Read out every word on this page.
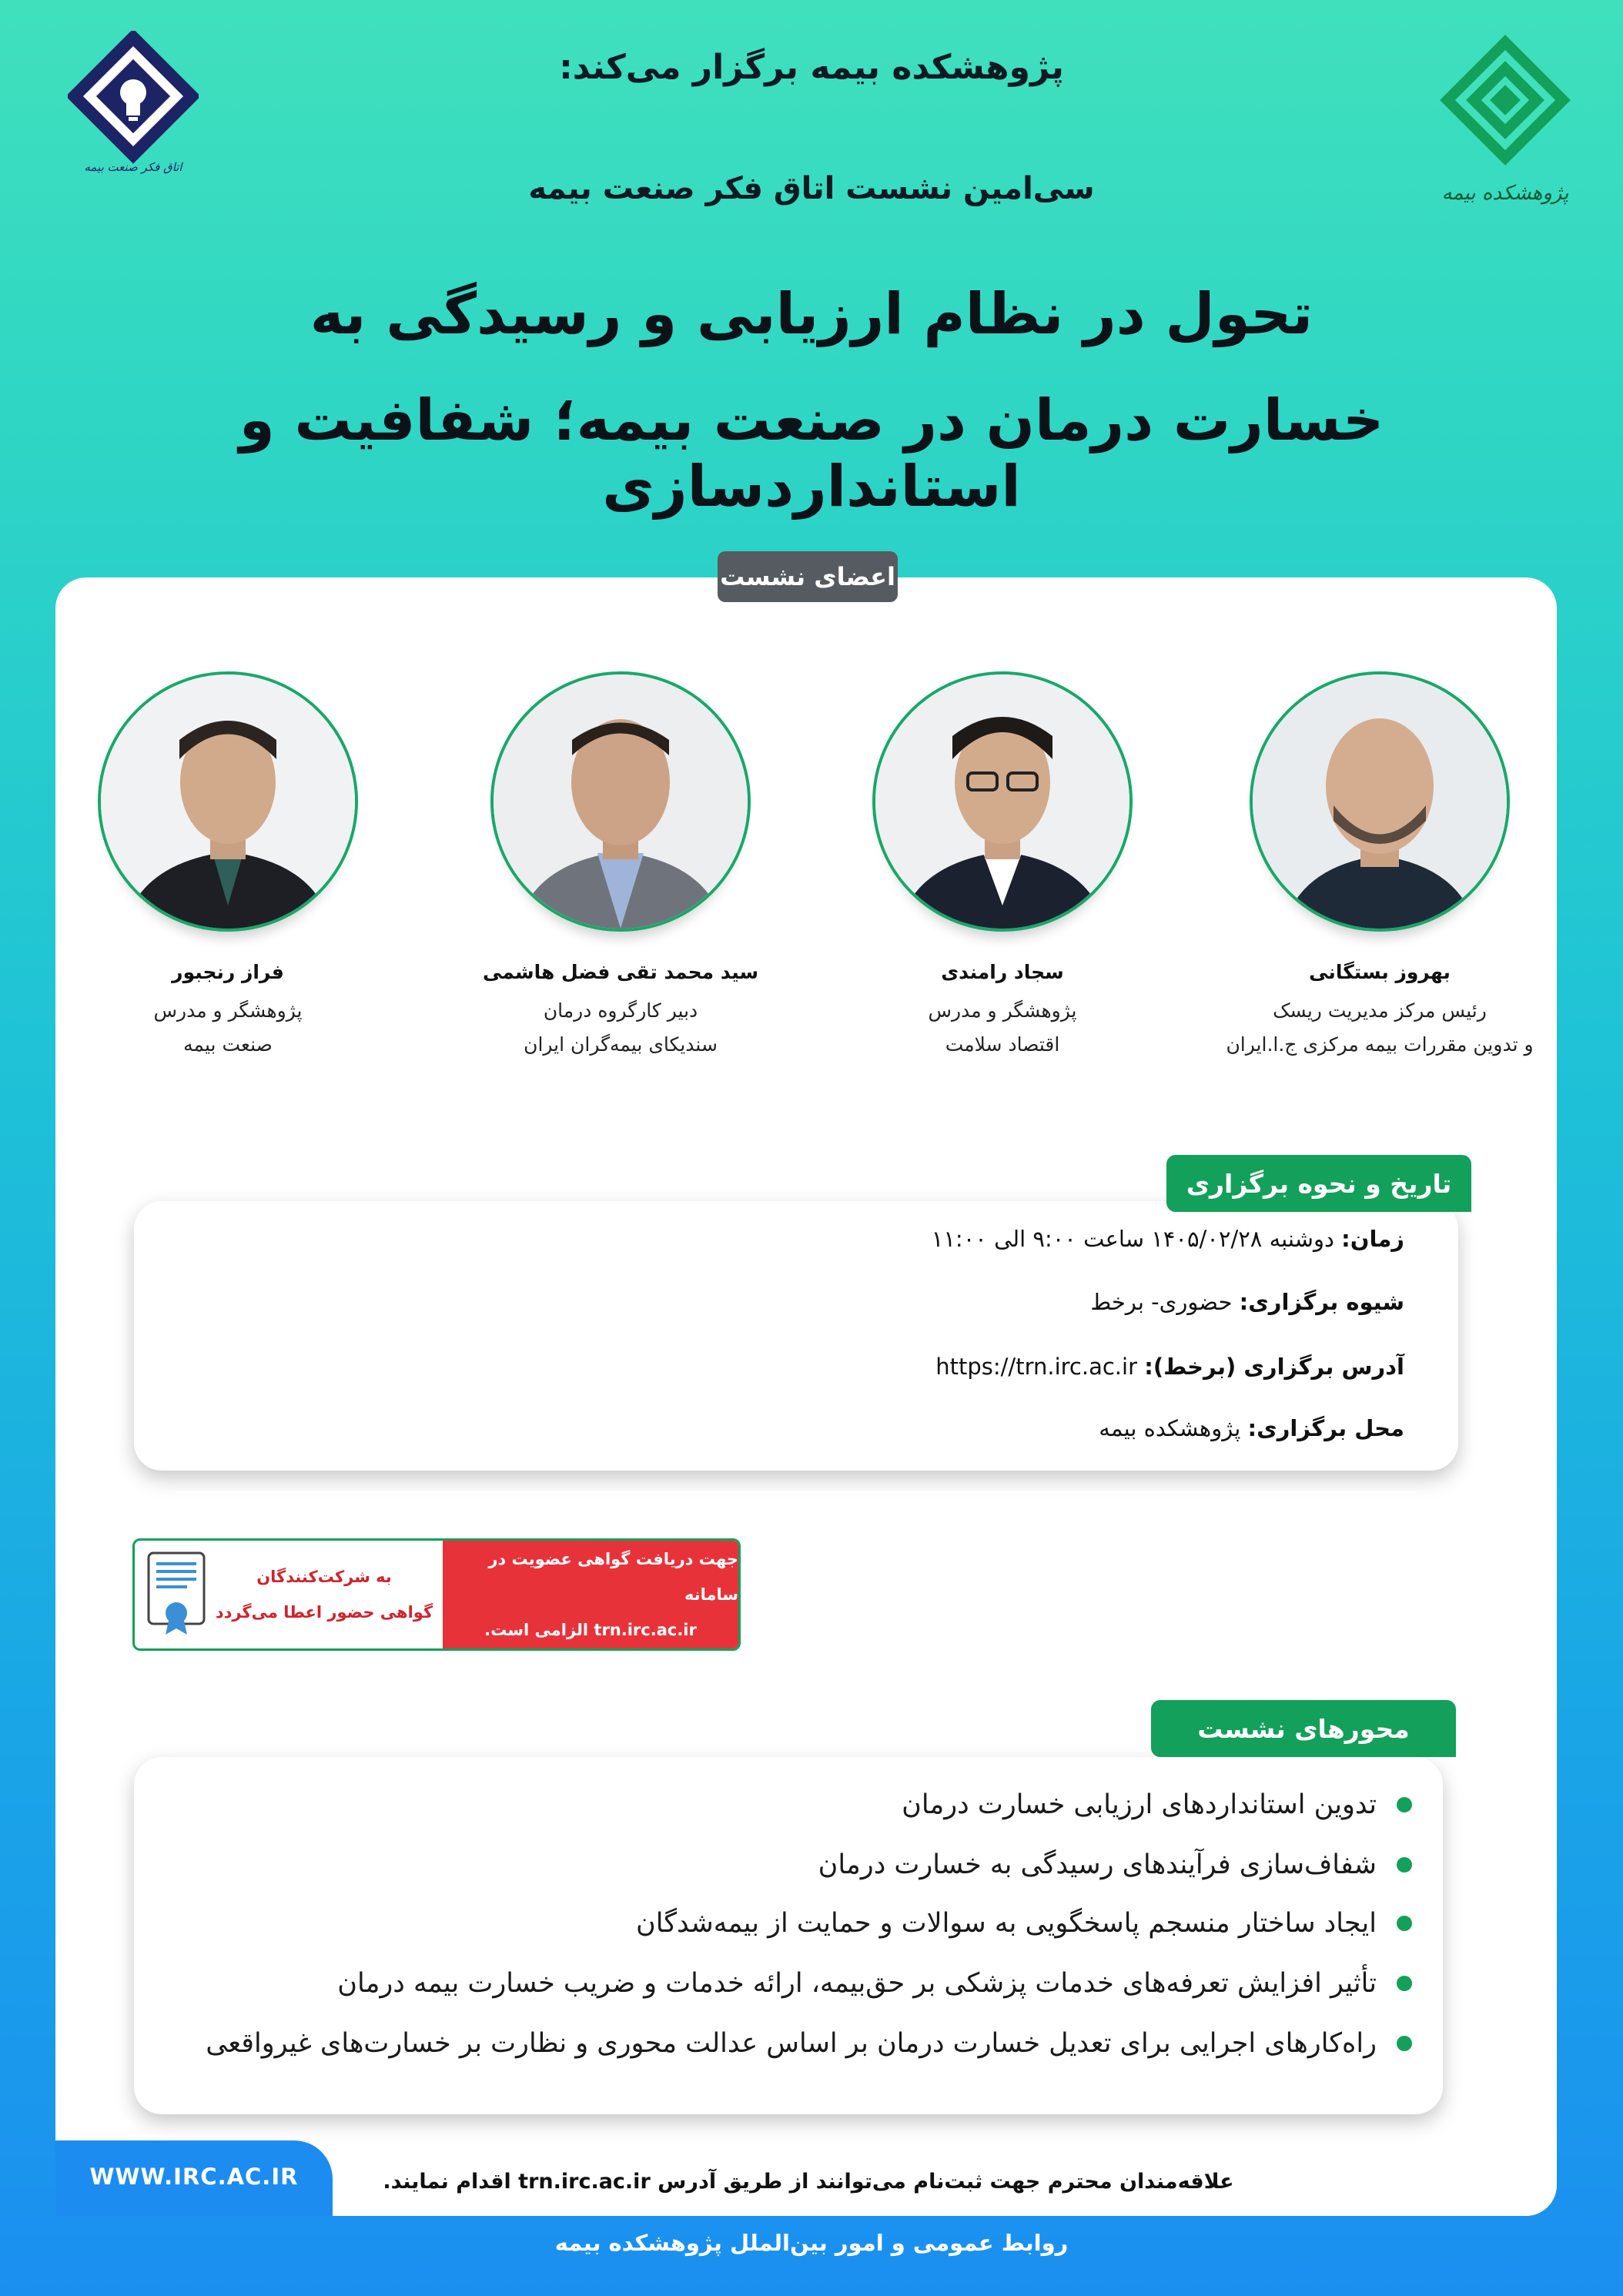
اتاق فکر صنعت بیمه
پژوهشکده بیمه
پژوهشکده بیمه برگزار می‌کند:
سی‌امین نشست اتاق فکر صنعت بیمه
تحول در نظام ارزیابی و رسیدگی به
خسارت درمان در صنعت بیمه؛ شفافیت و استانداردسازی
اعضای نشست
بهروز بستگانی
رئیس مرکز مدیریت ریسک
و تدوین مقررات بیمه مرکزی ج.ا.ایران
سجاد رامندی
پژوهشگر و مدرس
اقتصاد سلامت
سید محمد تقی فضل هاشمی
دبیر کارگروه درمان
سندیکای بیمه‌گران ایران
فراز رنجبور
پژوهشگر و مدرس
صنعت بیمه
زمان: دوشنبه ۱۴۰۵/۰۲/۲۸ ساعت ۹:۰۰ الی ۱۱:۰۰
شیوه برگزاری: حضوری- برخط
آدرس برگزاری (برخط): https://trn.irc.ac.ir
محل برگزاری: پژوهشکده بیمه
تاریخ و نحوه برگزاری
جهت دریافت گواهی عضویت در سامانه
trn.irc.ac.ir الزامی است.
به شرکت‌کنندگان
گواهی حضور اعطا می‌گردد
تدوین استانداردهای ارزیابی خسارت درمان
شفاف‌سازی فرآیندهای رسیدگی به خسارت درمان
ایجاد ساختار منسجم پاسخگویی به سوالات و حمایت از بیمه‌شدگان
تأثیر افزایش تعرفه‌های خدمات پزشکی بر حق‌بیمه، ارائه خدمات و ضریب خسارت بیمه درمان
راه‌کارهای اجرایی برای تعدیل خسارت درمان بر اساس عدالت محوری و نظارت بر خسارت‌های غیرواقعی
محورهای نشست
WWW.IRC.AC.IR	علاقه‌مندان محترم جهت ثبت‌نام می‌توانند از طریق آدرس trn.irc.ac.ir اقدام نمایند.
روابط عمومی و امور بین‌الملل پژوهشکده بیمه
